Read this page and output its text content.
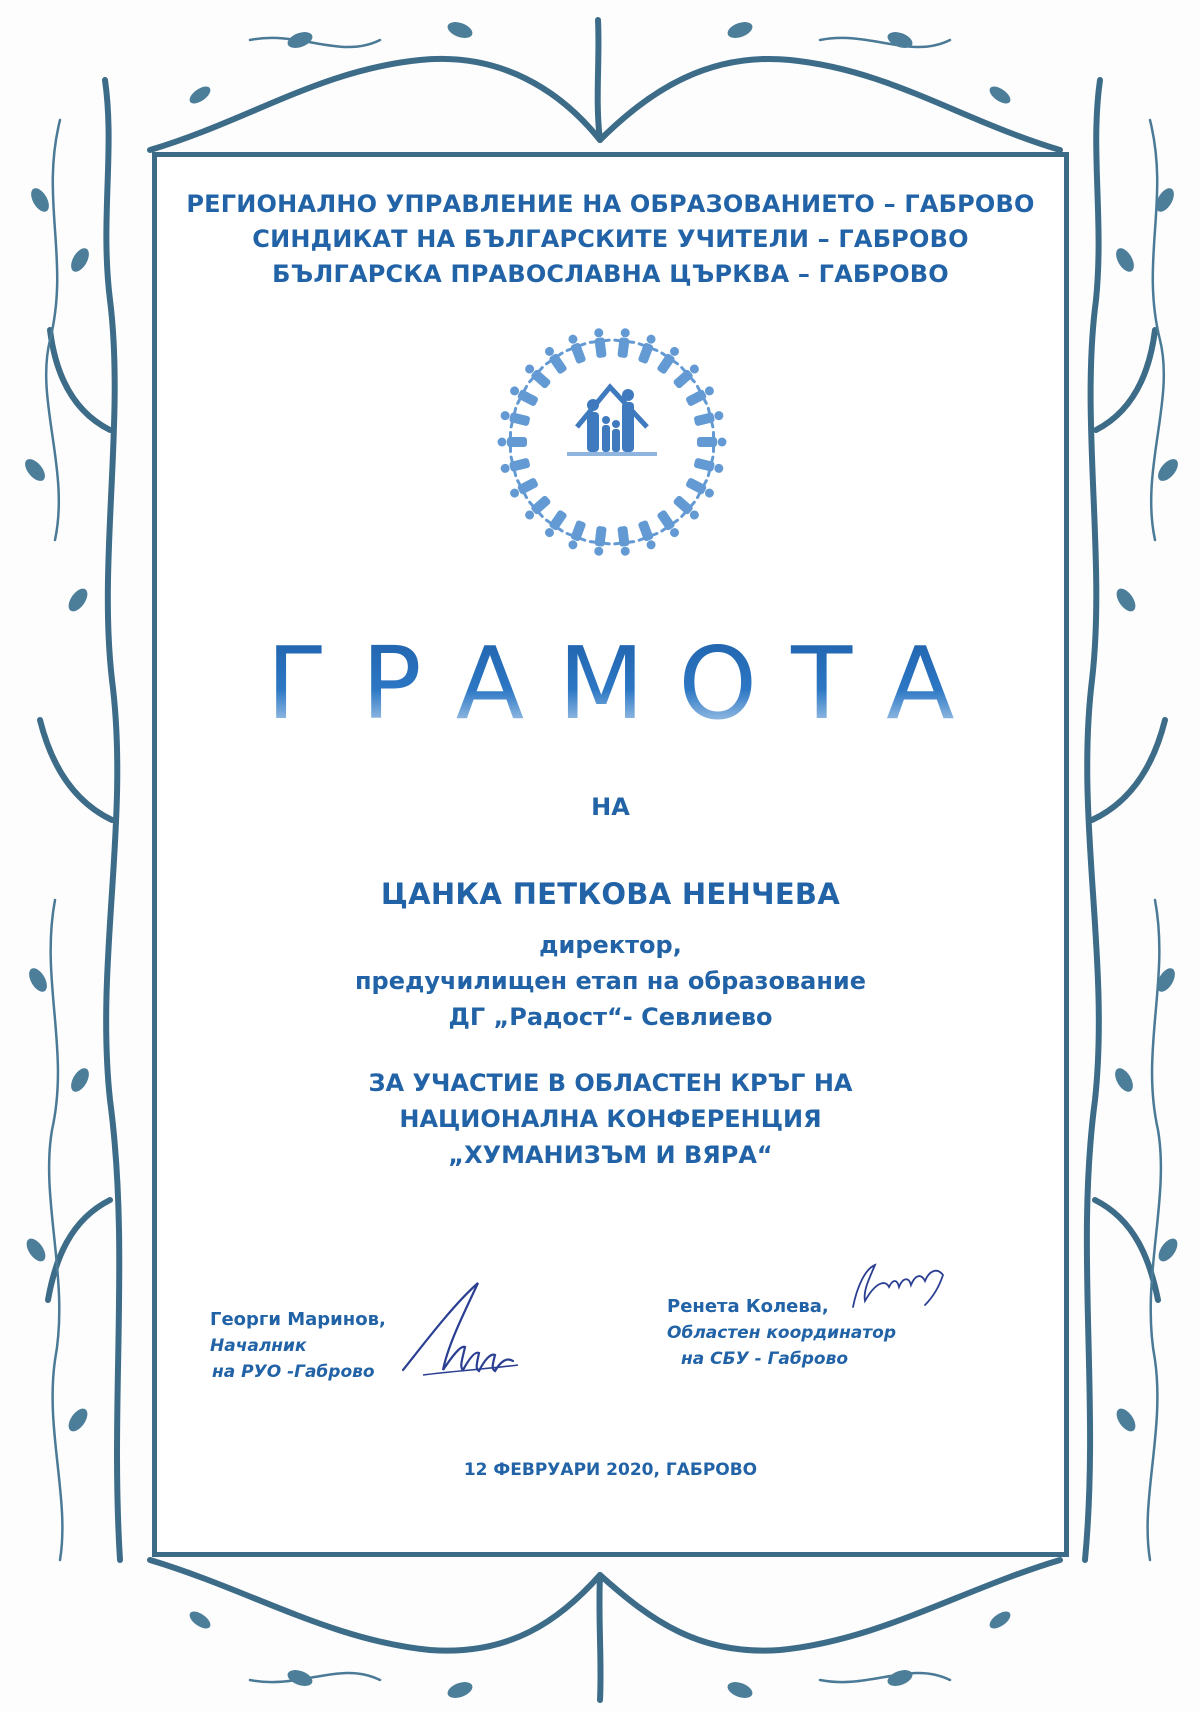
РЕГИОНАЛНО УПРАВЛЕНИЕ НА ОБРАЗОВАНИЕТО – ГАБРОВО
СИНДИКАТ НА БЪЛГАРСКИТЕ УЧИТЕЛИ – ГАБРОВО
БЪЛГАРСКА ПРАВОСЛАВНА ЦЪРКВА – ГАБРОВО
ГРАМОТА
НА
ЦАНКА ПЕТКОВА НЕНЧЕВА
директор,
предучилищен етап на образование
ДГ „Радост“- Севлиево
ЗА УЧАСТИЕ В ОБЛАСТЕН КРЪГ НА
НАЦИОНАЛНА КОНФЕРЕНЦИЯ
„ХУМАНИЗЪМ И ВЯРА“
Георги Маринов,
Началник
на РУО -Габрово
Ренета Колева,
Областен координатор
на СБУ - Габрово
12 ФЕВРУАРИ 2020, ГАБРОВО
